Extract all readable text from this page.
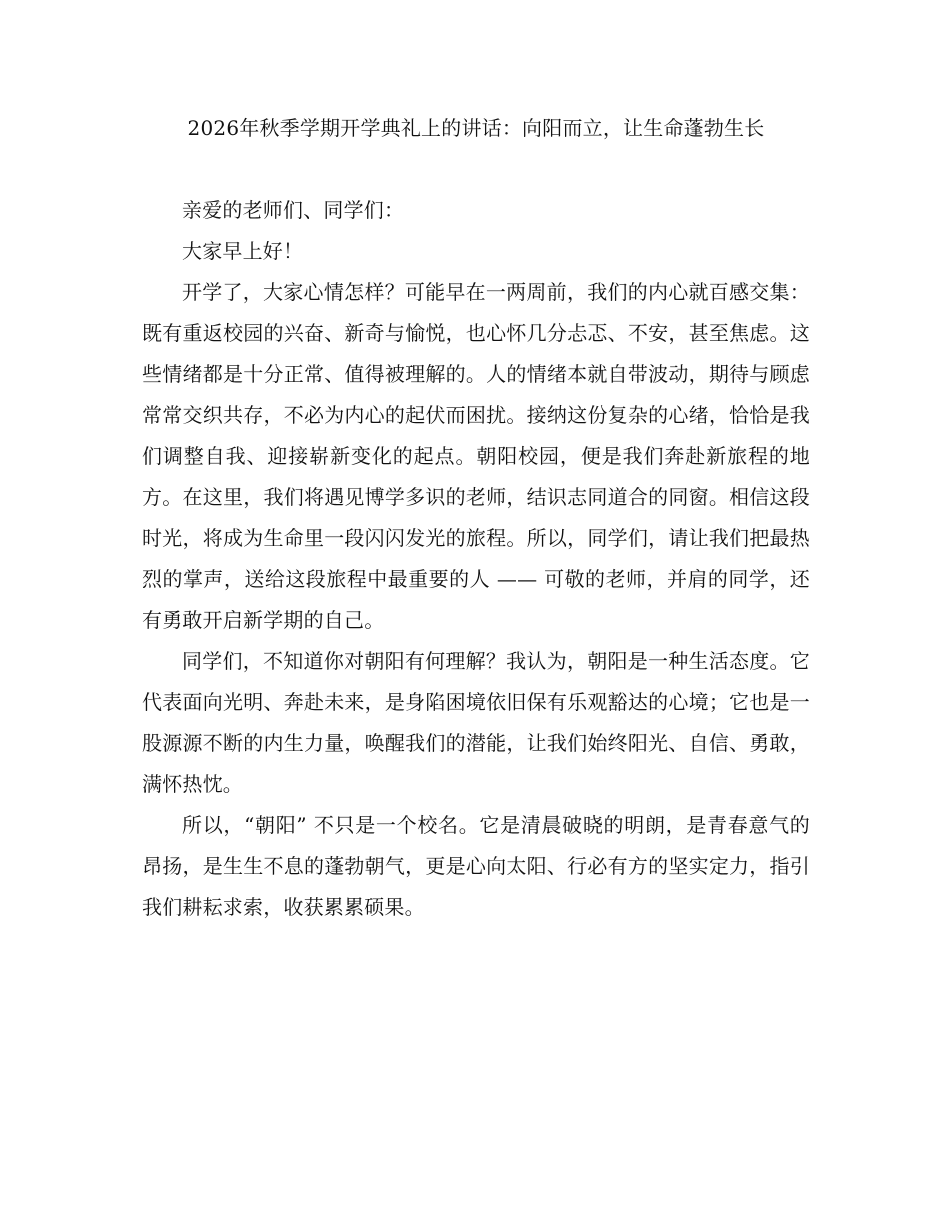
2026年秋季学期开学典礼上的讲话：向阳而立，让生命蓬勃生长

亲爱的老师们、同学们：

大家早上好！

开学了，大家心情怎样？可能早在一两周前，我们的内心就百感交集：既有重返校园的兴奋、新奇与愉悦，也心怀几分忐忑、不安，甚至焦虑。这些情绪都是十分正常、值得被理解的。人的情绪本就自带波动，期待与顾虑常常交织共存，不必为内心的起伏而困扰。接纳这份复杂的心绪，恰恰是我们调整自我、迎接崭新变化的起点。朝阳校园，便是我们奔赴新旅程的地方。在这里，我们将遇见博学多识的老师，结识志同道合的同窗。相信这段时光，将成为生命里一段闪闪发光的旅程。所以，同学们，请让我们把最热烈的掌声，送给这段旅程中最重要的人 —— 可敬的老师，并肩的同学，还有勇敢开启新学期的自己。

同学们，不知道你对朝阳有何理解？我认为，朝阳是一种生活态度。它代表面向光明、奔赴未来，是身陷困境依旧保有乐观豁达的心境；它也是一股源源不断的内生力量，唤醒我们的潜能，让我们始终阳光、自信、勇敢，满怀热忱。

所以，“朝阳” 不只是一个校名。它是清晨破晓的明朗，是青春意气的昂扬，是生生不息的蓬勃朝气，更是心向太阳、行必有方的坚实定力，指引我们耕耘求索，收获累累硕果。
